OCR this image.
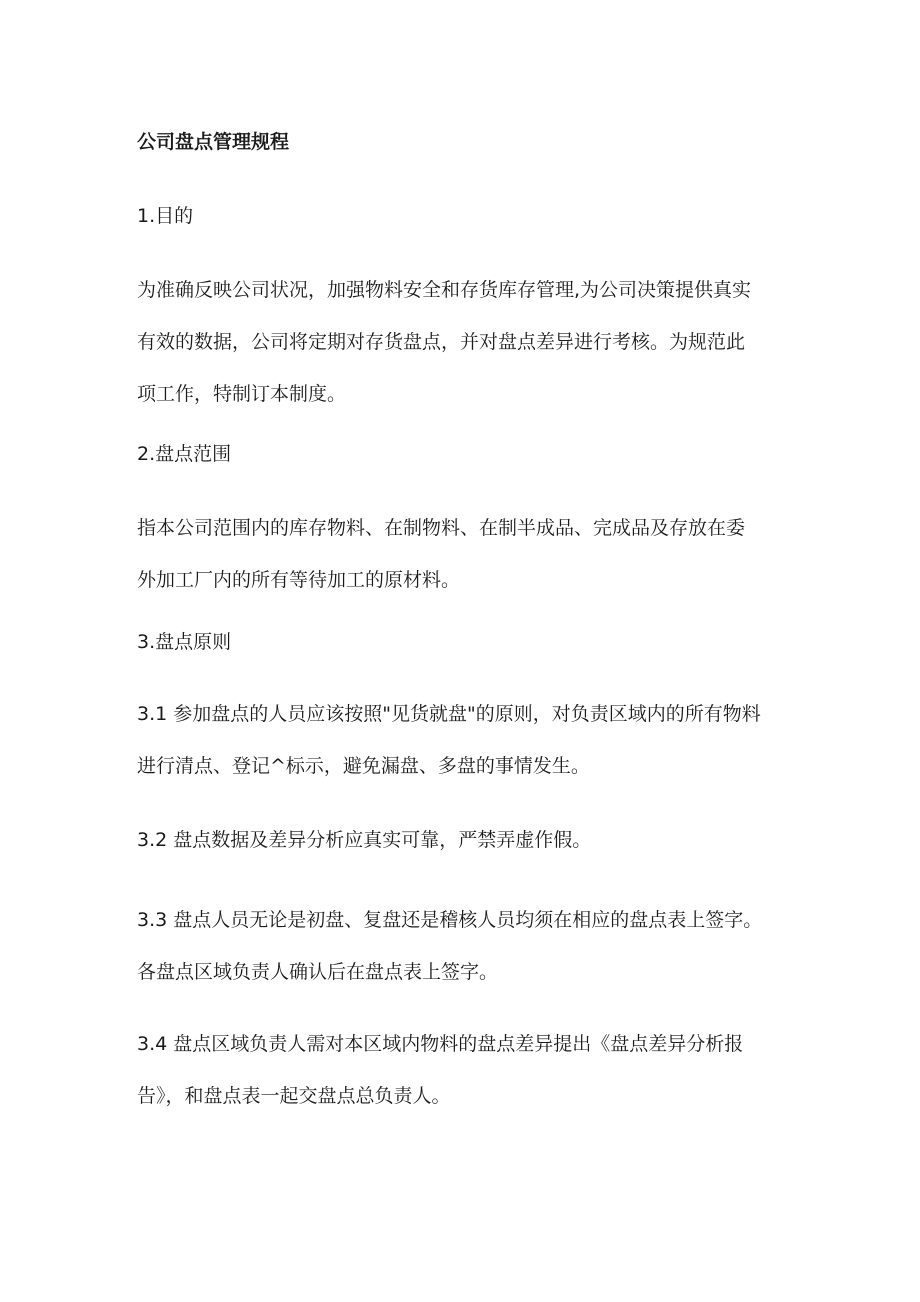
公司盘点管理规程
1.目的

为准确反映公司状况，加强物料安全和存货库存管理,为公司决策提供真实
有效的数据，公司将定期对存货盘点，并对盘点差异进行考核。为规范此
项工作，特制订本制度。

2.盘点范围

指本公司范围内的库存物料、在制物料、在制半成品、完成品及存放在委
外加工厂内的所有等待加工的原材料。

3.盘点原则

3.1 参加盘点的人员应该按照"见货就盘"的原则，对负责区域内的所有物料
进行清点、登记^标示，避免漏盘、多盘的事情发生。

3.2 盘点数据及差异分析应真实可靠，严禁弄虚作假。

3.3 盘点人员无论是初盘、复盘还是稽核人员均须在相应的盘点表上签字。
各盘点区域负责人确认后在盘点表上签字。

3.4 盘点区域负责人需对本区域内物料的盘点差异提出《盘点差异分析报
告》，和盘点表一起交盘点总负责人。
